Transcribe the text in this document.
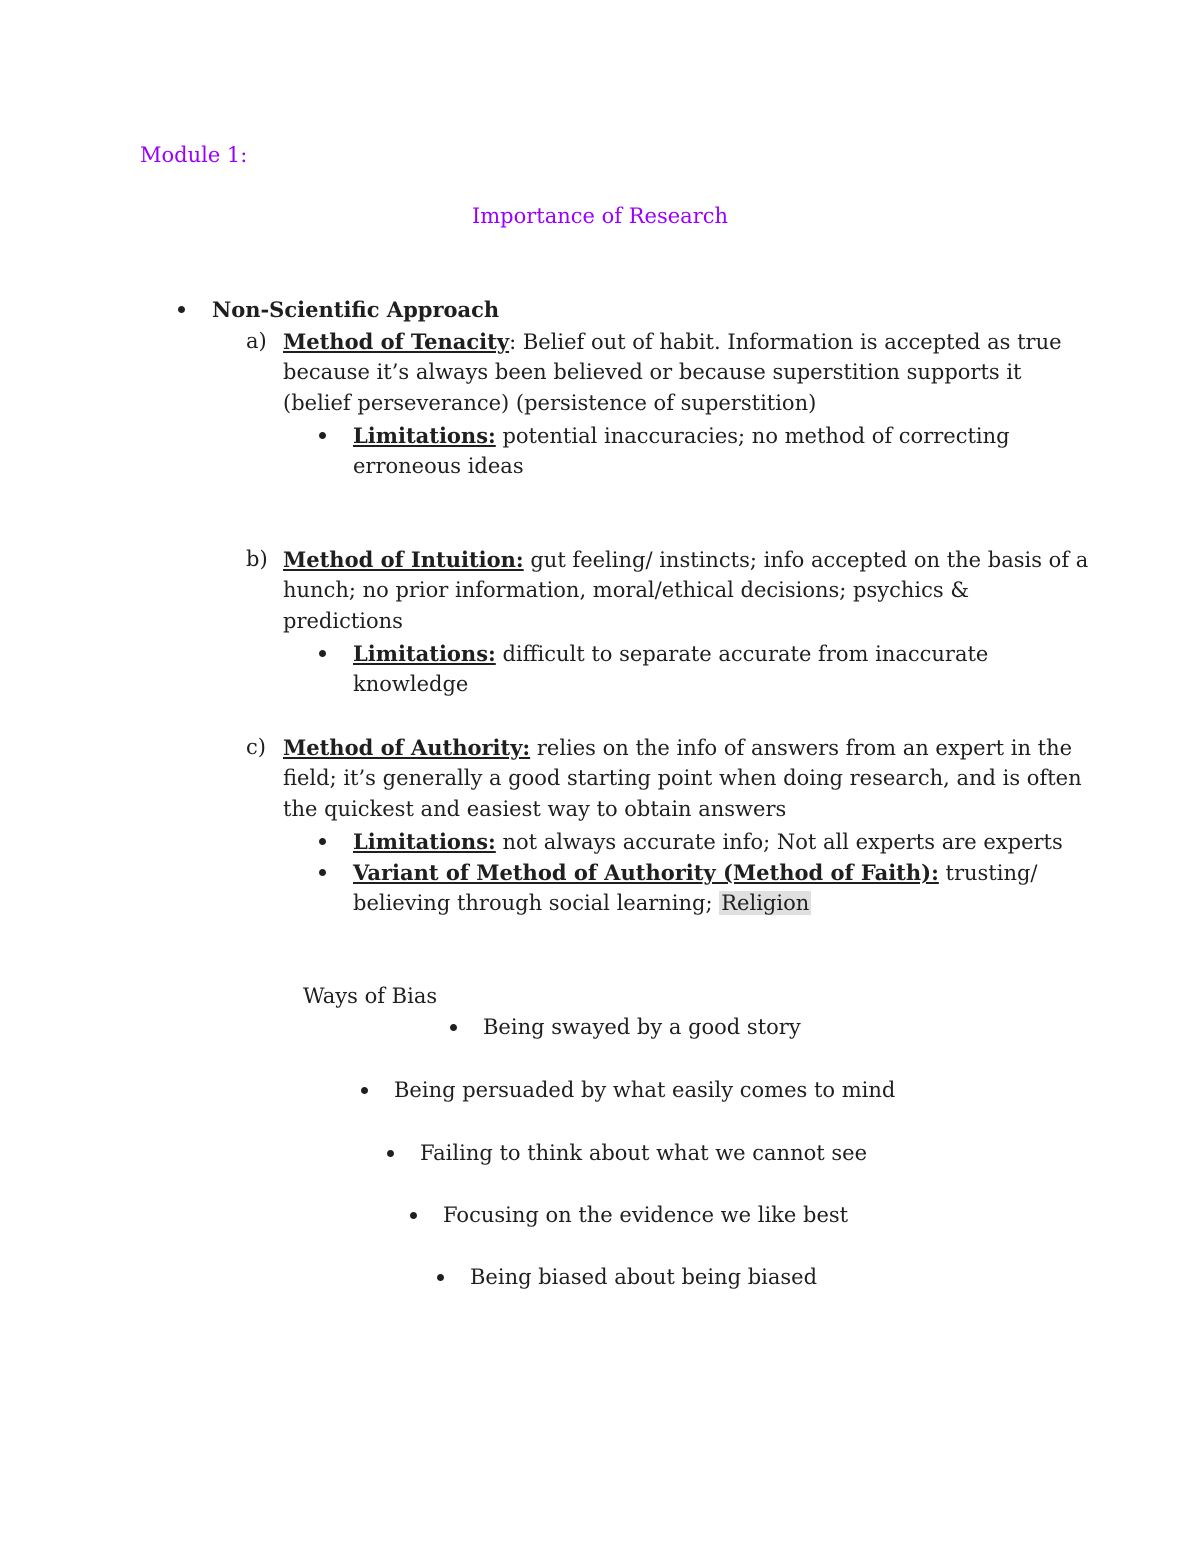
Module 1:
Importance of Research
Non-Scientific Approach
a) Method of Tenacity: Belief out of habit. Information is accepted as true
because it’s always been believed or because superstition supports it
(belief perseverance) (persistence of superstition)
Limitations: potential inaccuracies; no method of correcting
erroneous ideas
b) Method of Intuition: gut feeling/ instincts; info accepted on the basis of a
hunch; no prior information, moral/ethical decisions; psychics &
predictions
Limitations: difficult to separate accurate from inaccurate
knowledge
c) Method of Authority: relies on the info of answers from an expert in the
field; it’s generally a good starting point when doing research, and is often
the quickest and easiest way to obtain answers
Limitations: not always accurate info; Not all experts are experts
Variant of Method of Authority (Method of Faith): trusting/
believing through social learning; Religion
Ways of Bias
Being swayed by a good story
Being persuaded by what easily comes to mind
Failing to think about what we cannot see
Focusing on the evidence we like best
Being biased about being biased
